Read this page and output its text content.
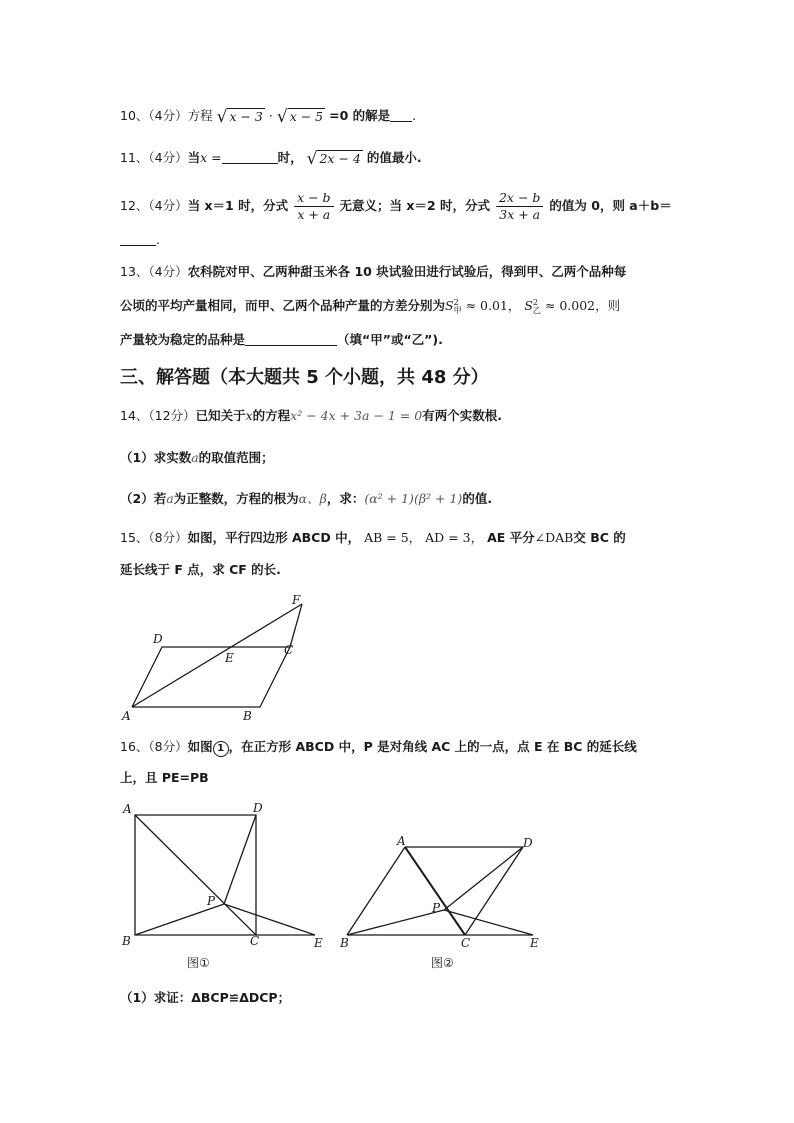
10、（4分）方程 √ x − 3 · √ x − 5 =0 的解是 .
11、（4分）当x =	时， √ 2x − 4 的值最小.
12、（4分）当 x＝1 时，分式 $\frac{x - b}{x + a}$ 无意义；当 x＝2 时，分式 $\frac{2x - b}{3x + a}$ 的值为 0，则 a＋b＝
.
13、（4分）农科院对甲、乙两种甜玉米各 10 块试验田进行试验后，得到甲、乙两个品种每
公顷的平均产量相同，而甲、乙两个品种产量的方差分别为S 2
甲 ≈ 0.01， S 2
乙 ≈ 0.002，则
产量较为稳定的品种是	（填“甲”或“乙”).
三、解答题（本大题共 5 个小题，共 48 分）
14、（12分）已知关于x的方程x² − 4x + 3a − 1 = 0有两个实数根.
（1）求实数a的取值范围；
（2）若a为正整数，方程的根为α、β，求：(α² + 1)(β² + 1)的值.
15、（8分）如图，平行四边形 ABCD 中， AB = 5， AD = 3， AE 平分∠DAB交 BC 的
延长线于 F 点，求 CF 的长.
A	B
C
D
E
F
16、（8分）如图 1 ，在正方形 ABCD 中，P 是对角线 AC 上的一点，点 E 在 BC 的延长线
上，且 PE=PB
A	D
B	C	E
P
图①
A	D
B	C	E
P
图②
（1）求证：ΔBCP≌ΔDCP；
